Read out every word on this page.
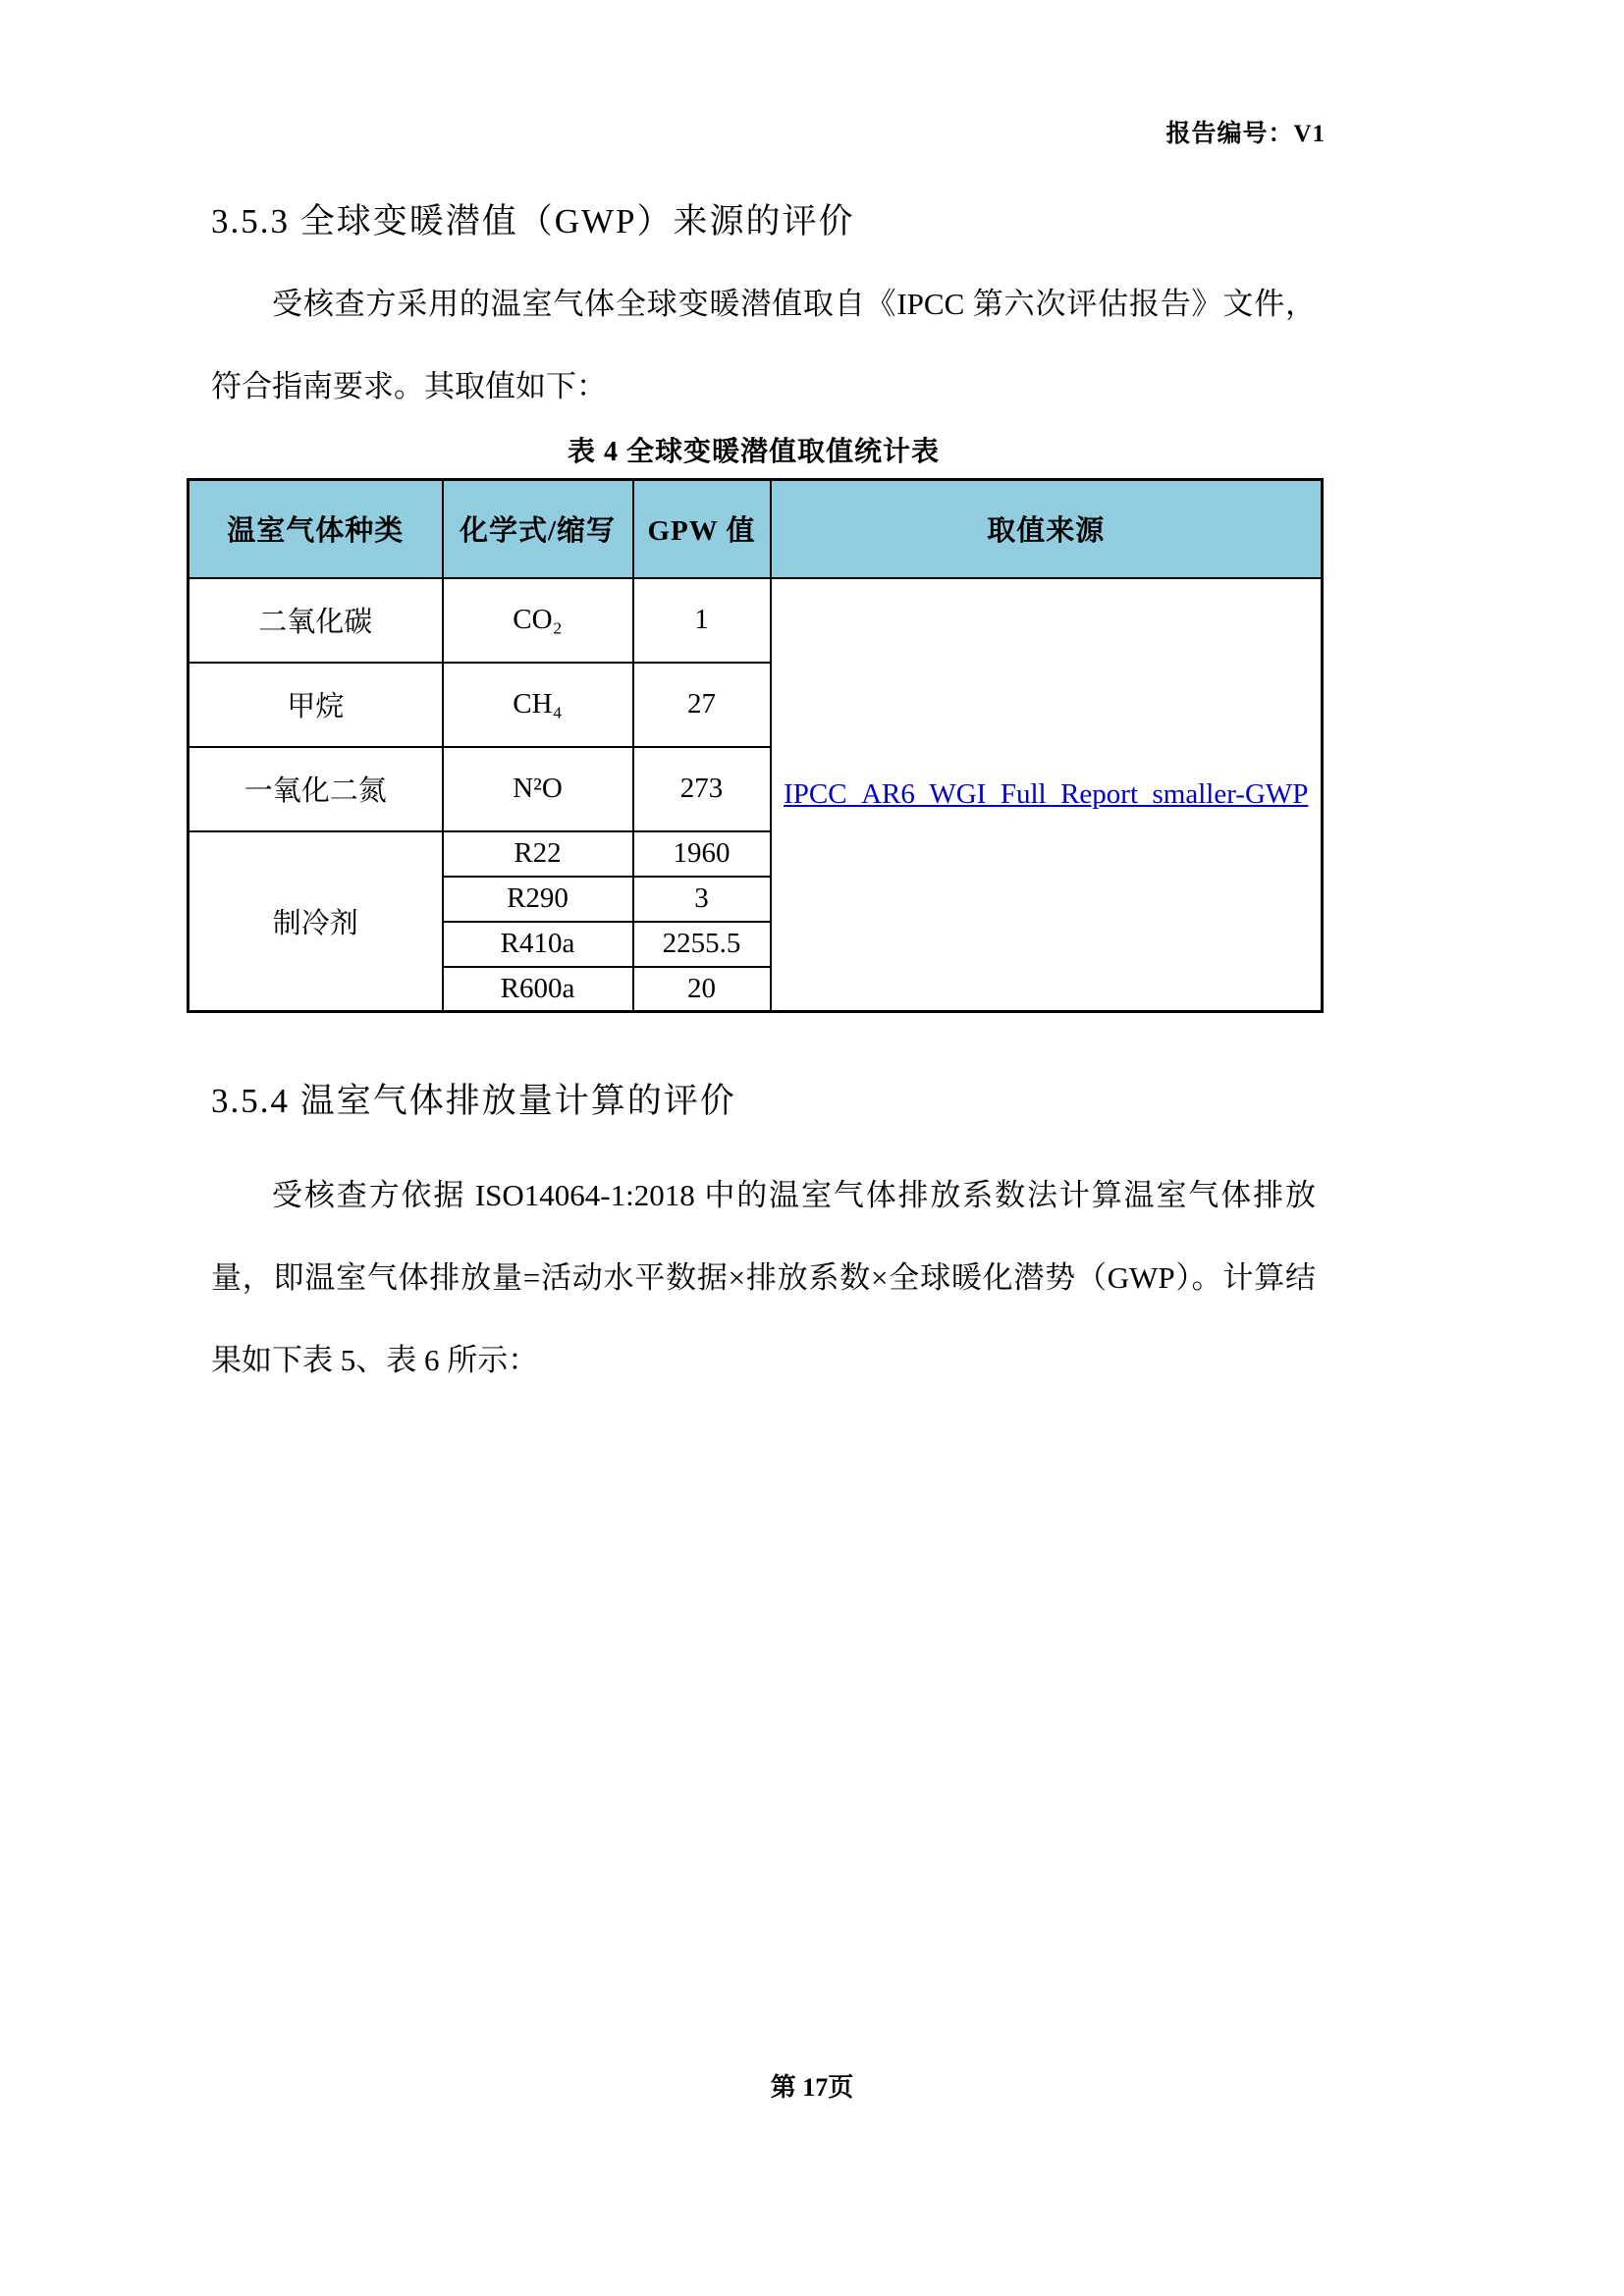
报告编号：V1
3.5.3 全球变暖潜值（GWP）来源的评价

受核查方采用的温室气体全球变暖潜值取自《IPCC 第六次评估报告》文件，符合指南要求。其取值如下：

表 4 全球变暖潜值取值统计表
温室气体种类	化学式/缩写	GPW 值	取值来源
二氧化碳	CO₂	1	IPCC_AR6_WGI_Full_Report_smaller-GWP
甲烷	CH₄	27	
一氧化二氮	N²O	273	
制冷剂	R22	1960	
	R290	3	
	R410a	2255.5	
	R600a	20	
3.5.4 温室气体排放量计算的评价

受核查方依据 ISO14064-1:2018 中的温室气体排放系数法计算温室气体排放量，即温室气体排放量=活动水平数据×排放系数×全球暖化潜势（GWP）。计算结果如下表 5、表 6 所示：

第 17页
